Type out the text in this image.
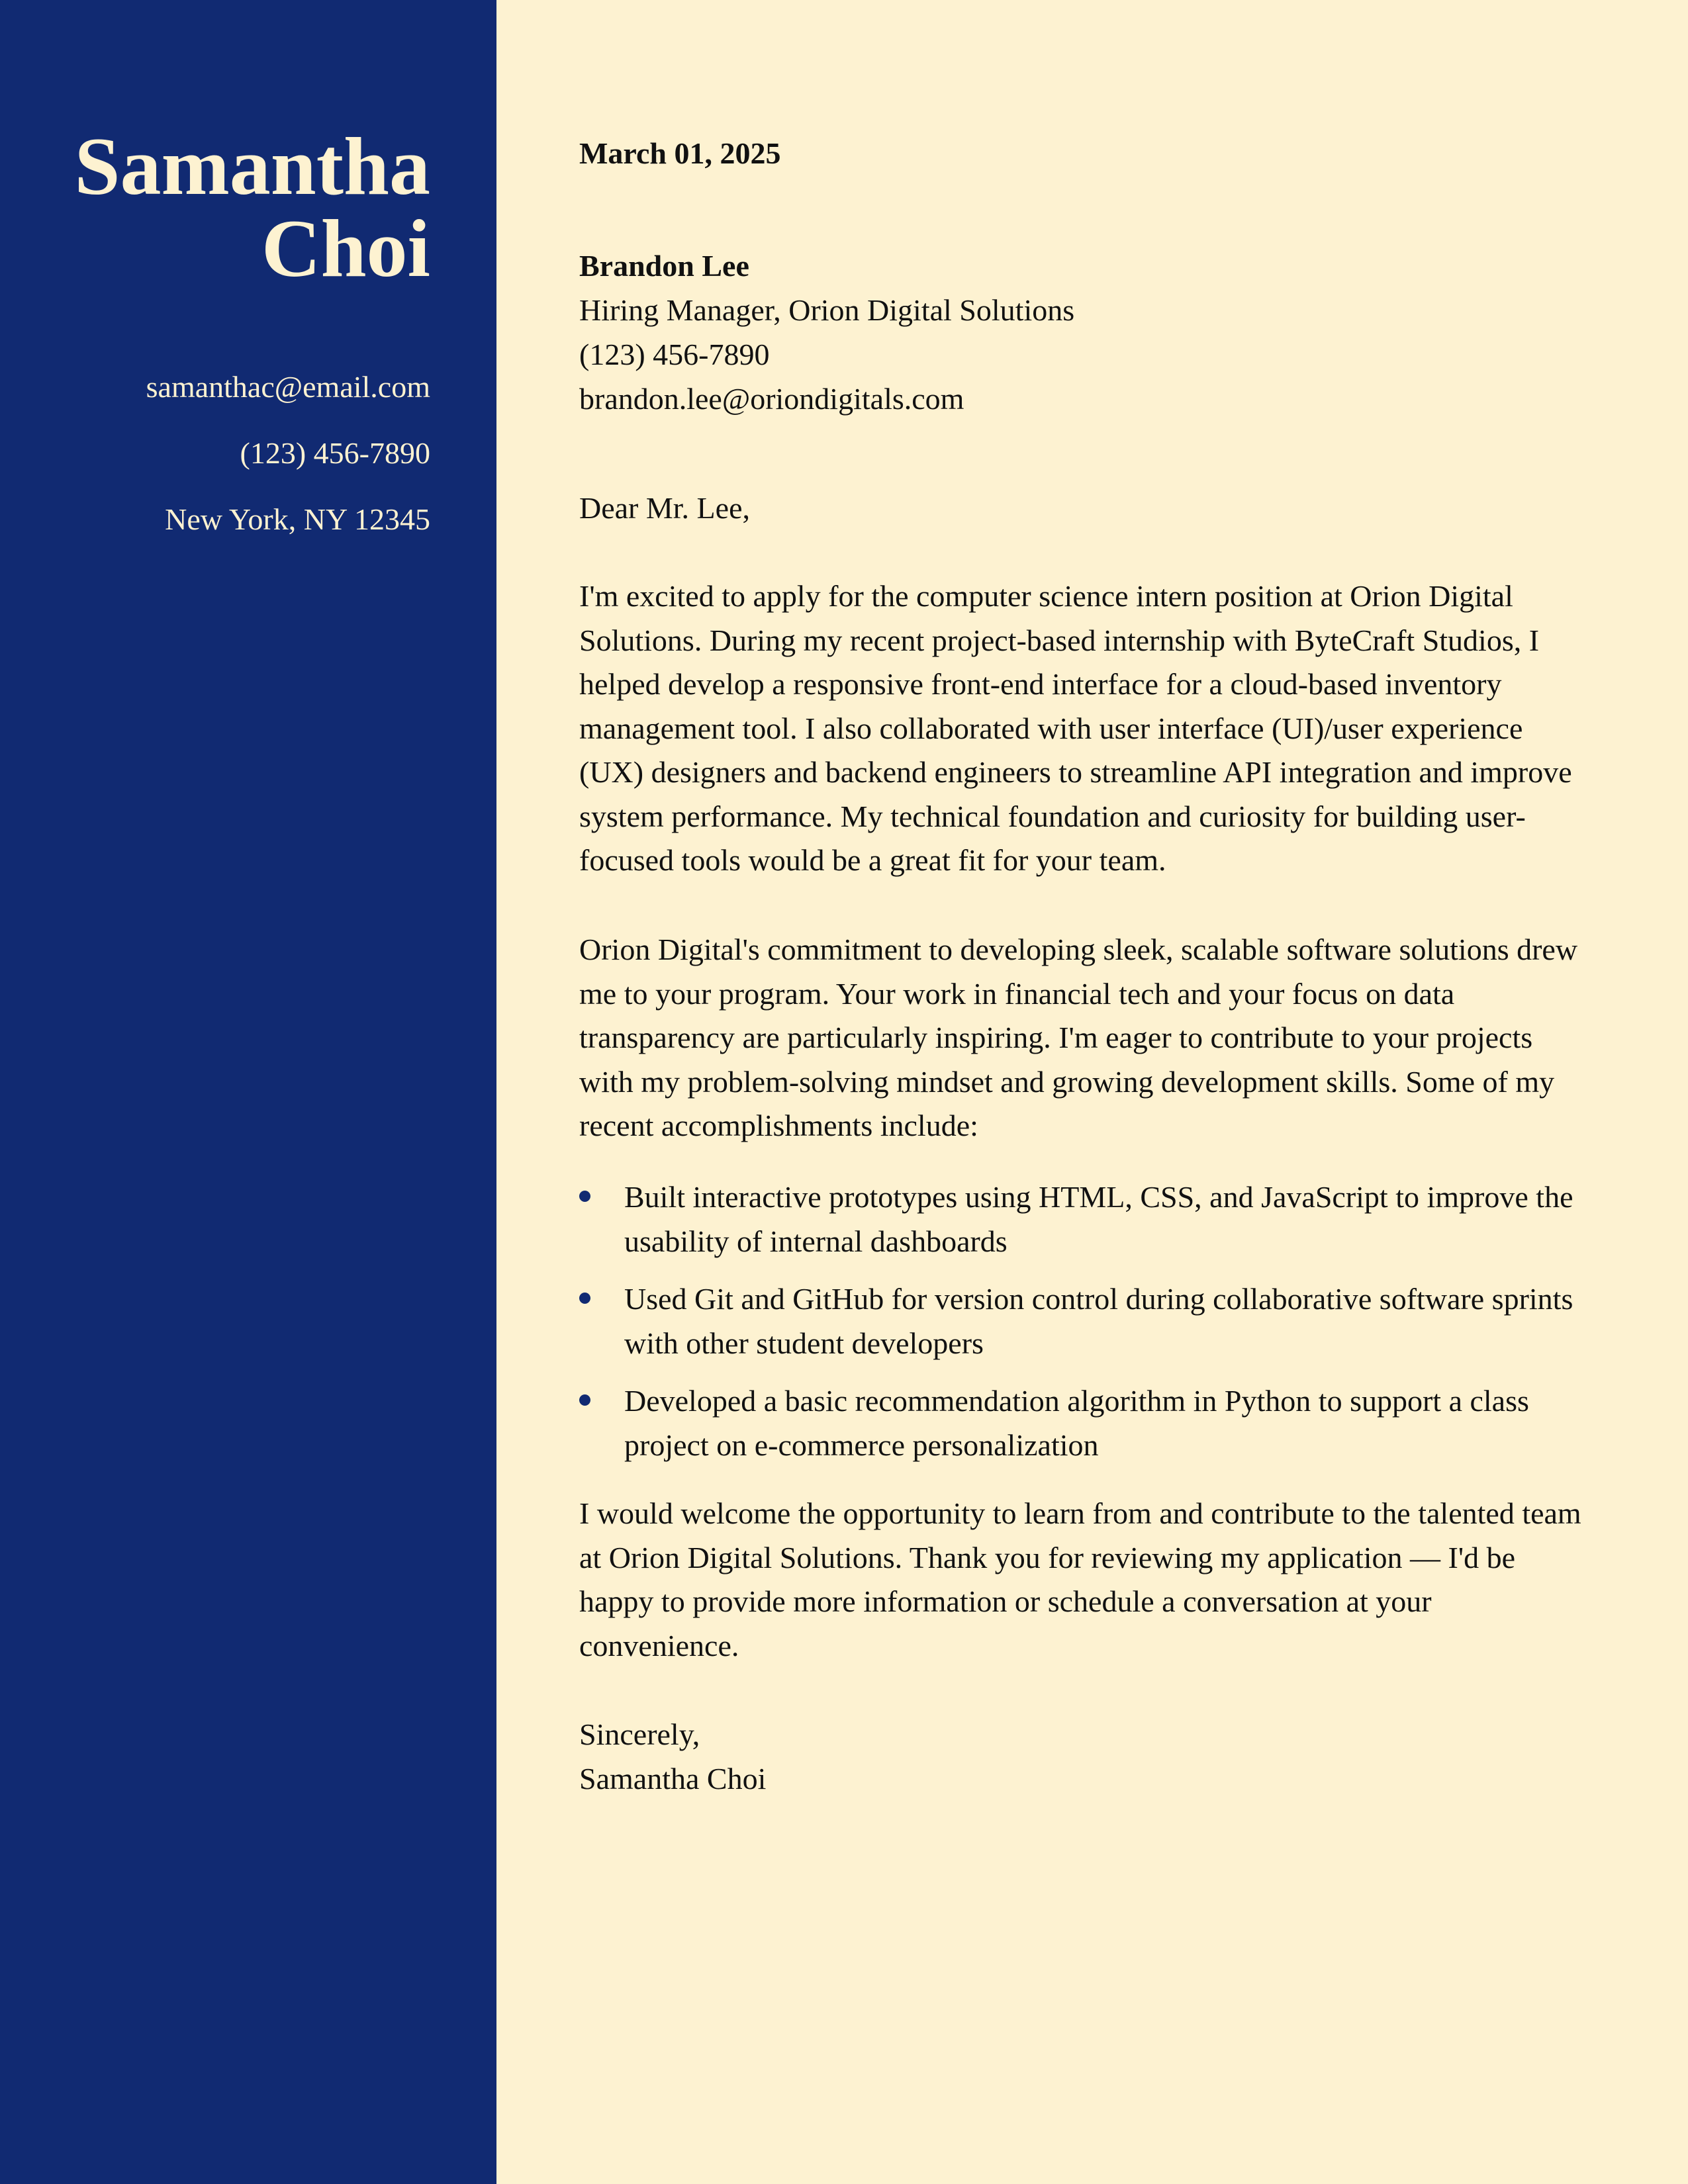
Samantha
Choi
samanthac@email.com
(123) 456-7890
New York, NY 12345
March 01, 2025
Brandon Lee
Hiring Manager, Orion Digital Solutions
(123) 456-7890
brandon.lee@oriondigitals.com
Dear Mr. Lee,
I'm excited to apply for the computer science intern position at Orion Digital Solutions. During my recent project-based internship with ByteCraft Studios, I helped develop a responsive front-end interface for a cloud-based inventory management tool. I also collaborated with user interface (UI)/user experience (UX) designers and backend engineers to streamline API integration and improve system performance. My technical foundation and curiosity for building user-focused tools would be a great fit for your team.
Orion Digital's commitment to developing sleek, scalable software solutions drew me to your program. Your work in financial tech and your focus on data transparency are particularly inspiring. I'm eager to contribute to your projects with my problem-solving mindset and growing development skills. Some of my recent accomplishments include:
Built interactive prototypes using HTML, CSS, and JavaScript to improve the usability of internal dashboards
Used Git and GitHub for version control during collaborative software sprints with other student developers
Developed a basic recommendation algorithm in Python to support a class project on e-commerce personalization
I would welcome the opportunity to learn from and contribute to the talented team at Orion Digital Solutions. Thank you for reviewing my application — I'd be happy to provide more information or schedule a conversation at your convenience.
Sincerely,
Samantha Choi
